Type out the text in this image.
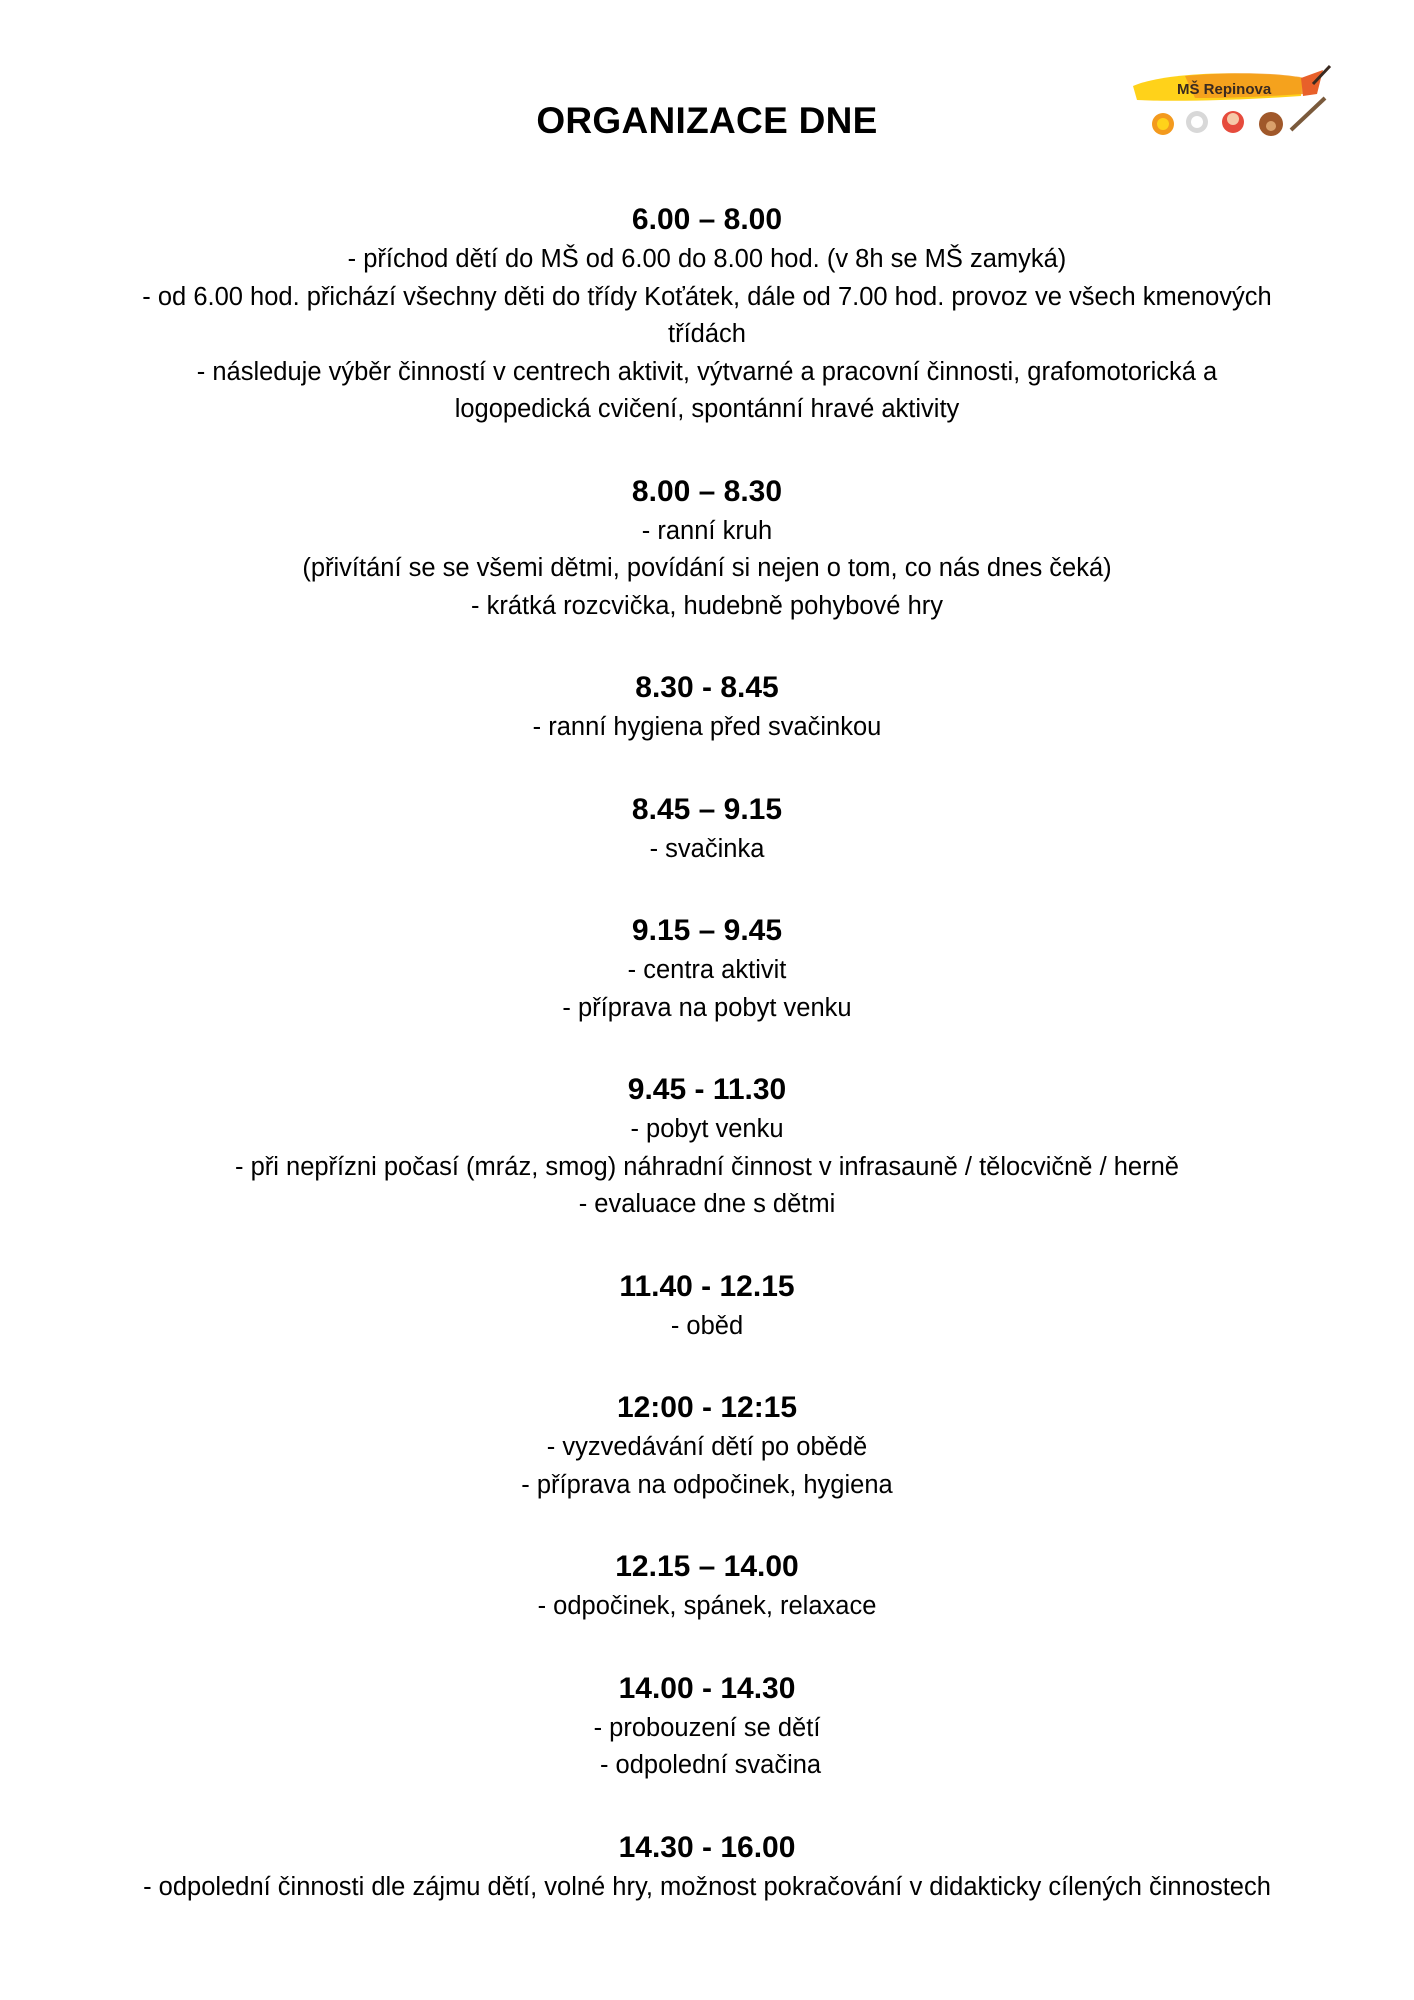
ORGANIZACE DNE
MŠ Repinova
6.00 – 8.00
- příchod dětí do MŠ od 6.00 do 8.00 hod. (v 8h se MŠ zamyká)
- od 6.00 hod. přichází všechny děti do třídy Koťátek, dále od 7.00 hod. provoz ve všech kmenových
třídách
- následuje výběr činností v centrech aktivit, výtvarné a pracovní činnosti, grafomotorická a
logopedická cvičení, spontánní hravé aktivity
8.00 – 8.30
- ranní kruh
(přivítání se se všemi dětmi, povídání si nejen o tom, co nás dnes čeká)
- krátká rozcvička, hudebně pohybové hry
8.30 - 8.45
- ranní hygiena před svačinkou
8.45 – 9.15
- svačinka
9.15 – 9.45
- centra aktivit
- příprava na pobyt venku
9.45 - 11.30
- pobyt venku
- při nepřízni počasí (mráz, smog) náhradní činnost v infrasauně / tělocvičně / herně
- evaluace dne s dětmi
11.40 - 12.15
- oběd
12:00 - 12:15
- vyzvedávání dětí po obědě
- příprava na odpočinek, hygiena
12.15 – 14.00
- odpočinek, spánek, relaxace
14.00 - 14.30
- probouzení se dětí
- odpolední svačina
14.30 - 16.00
- odpolední činnosti dle zájmu dětí, volné hry, možnost pokračování v didakticky cílených činnostech
